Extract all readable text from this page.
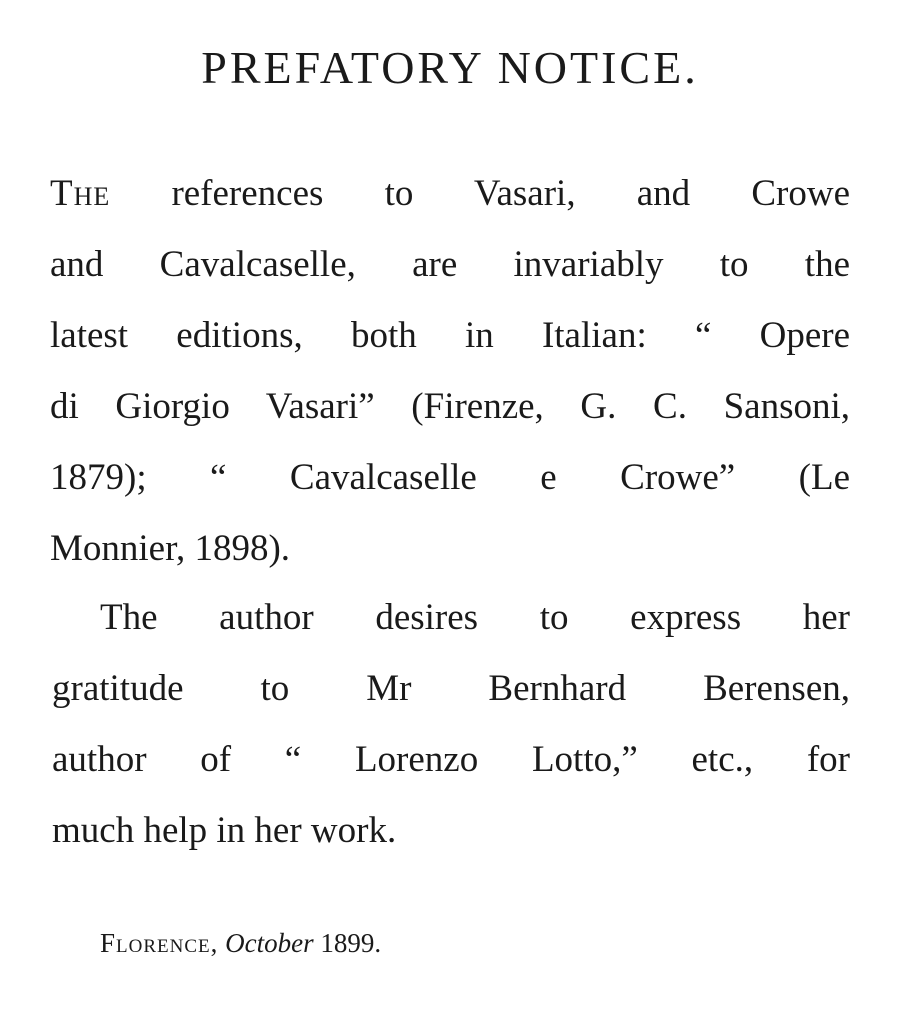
PREFATORY NOTICE.
The references to Vasari, and Crowe
and Cavalcaselle, are invariably to the
latest editions, both in Italian: “ Opere
di Giorgio Vasari” (Firenze, G. C. Sansoni,
1879); “ Cavalcaselle e Crowe” (Le
Monnier, 1898).
The author desires to express her
gratitude to Mr Bernhard Berensen,
author of “ Lorenzo Lotto,” etc., for
much help in her work.
Florence, October 1899.
